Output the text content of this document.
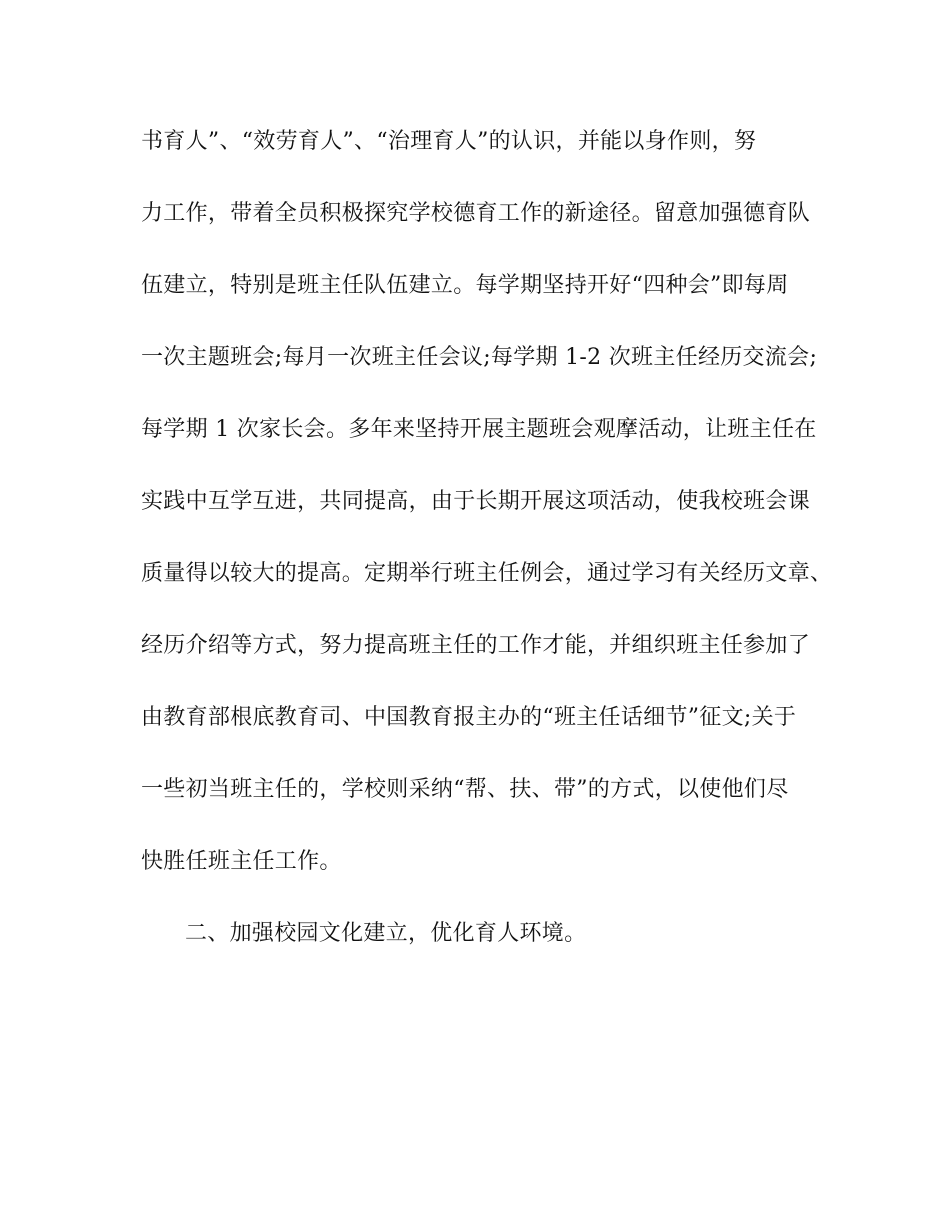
书育人”、“效劳育人”、“治理育人”的认识，并能以身作则，努
力工作，带着全员积极探究学校德育工作的新途径。留意加强德育队
伍建立，特别是班主任队伍建立。每学期坚持开好“四种会”即每周
一次主题班会;每月一次班主任会议;每学期 1-2 次班主任经历交流会;
每学期 1 次家长会。多年来坚持开展主题班会观摩活动，让班主任在
实践中互学互进，共同提高，由于长期开展这项活动，使我校班会课
质量得以较大的提高。定期举行班主任例会，通过学习有关经历文章、
经历介绍等方式，努力提高班主任的工作才能，并组织班主任参加了
由教育部根底教育司、中国教育报主办的“班主任话细节”征文;关于
一些初当班主任的，学校则采纳“帮、扶、带”的方式，以使他们尽
快胜任班主任工作。
二、加强校园文化建立，优化育人环境。
